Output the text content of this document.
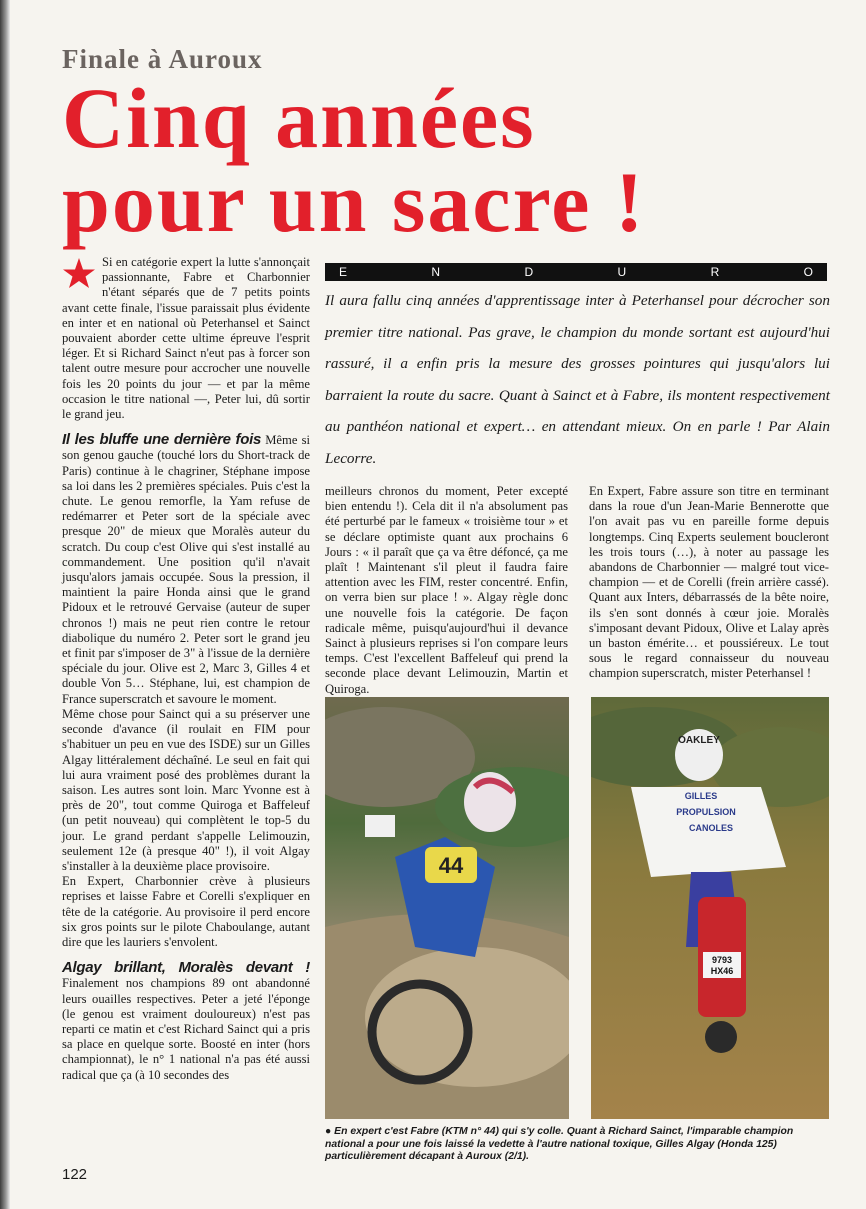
Finale à Auroux
Cinq années
pour un sacre !

Si en catégorie expert la lutte s'annonçait passionnante, Fabre et Charbonnier n'étant séparés que de 7 petits points avant cette finale, l'issue paraissait plus évidente en inter et en national où Peterhansel et Sainct pouvaient aborder cette ultime épreuve l'esprit léger. Et si Richard Sainct n'eut pas à forcer son talent outre mesure pour accrocher une nouvelle fois les 20 points du jour — et par la même occasion le titre national —, Peter lui, dû sortir le grand jeu.

Il les bluffe une dernière fois Même si son genou gauche (touché lors du Short-track de Paris) continue à le chagriner, Stéphane impose sa loi dans les 2 premières spéciales. Puis c'est la chute. Le genou remorfle, la Yam refuse de redémarrer et Peter sort de la spéciale avec presque 20" de mieux que Moralès auteur du scratch. Du coup c'est Olive qui s'est installé au commandement. Une position qu'il n'avait jusqu'alors jamais occupée. Sous la pression, il maintient la paire Honda ainsi que le grand Pidoux et le retrouvé Gervaise (auteur de super chronos !) mais ne peut rien contre le retour diabolique du numéro 2. Peter sort le grand jeu et finit par s'imposer de 3" à l'issue de la dernière spéciale du jour. Olive est 2, Marc 3, Gilles 4 et double Von 5… Stéphane, lui, est champion de France superscratch et savoure le moment.

Même chose pour Sainct qui a su préserver une seconde d'avance (il roulait en FIM pour s'habituer un peu en vue des ISDE) sur un Gilles Algay littéralement déchaîné. Le seul en fait qui lui aura vraiment posé des problèmes durant la saison. Les autres sont loin. Marc Yvonne est à près de 20", tout comme Quiroga et Baffeleuf (un petit nouveau) qui complètent le top-5 du jour. Le grand perdant s'appelle Lelimouzin, seulement 12e (à presque 40" !), il voit Algay s'installer à la deuxième place provisoire.

En Expert, Charbonnier crève à plusieurs reprises et laisse Fabre et Corelli s'expliquer en tête de la catégorie. Au provisoire il perd encore six gros points sur le pilote Chaboulange, autant dire que les lauriers s'envolent.

Algay brillant, Moralès devant ! Finalement nos champions 89 ont abandonné leurs ouailles respectives. Peter a jeté l'éponge (le genou est vraiment douloureux) n'est pas reparti ce matin et c'est Richard Sainct qui a pris sa place en quelque sorte. Boosté en inter (hors championnat), le n° 1 national n'a pas été aussi radical que ça (à 10 secondes des

E	N	D	U	R	O
Il aura fallu cinq années d'apprentissage inter à Peterhansel pour décrocher son premier titre national. Pas grave, le champion du monde sortant est aujourd'hui rassuré, il a enfin pris la mesure des grosses pointures qui jusqu'alors lui barraient la route du sacre. Quant à Sainct et à Fabre, ils montent respectivement au panthéon national et expert… en attendant mieux. On en parle ! Par Alain Lecorre.
meilleurs chronos du moment, Peter excepté bien entendu !). Cela dit il n'a absolument pas été perturbé par le fameux « troisième tour » et se déclare optimiste quant aux prochains 6 Jours : « il paraît que ça va être défoncé, ça me plaît ! Maintenant s'il pleut il faudra faire attention avec les FIM, rester concentré. Enfin, on verra bien sur place ! ». Algay règle donc une nouvelle fois la catégorie. De façon radicale même, puisqu'aujourd'hui il devance Sainct à plusieurs reprises si l'on compare leurs temps. C'est l'excellent Baffeleuf qui prend la seconde place devant Lelimouzin, Martin et Quiroga.
En Expert, Fabre assure son titre en terminant dans la roue d'un Jean-Marie Bennerotte que l'on avait pas vu en pareille forme depuis longtemps. Cinq Experts seulement boucleront les trois tours (…), à noter au passage les abandons de Charbonnier — malgré tout vice-champion — et de Corelli (frein arrière cassé). Quant aux Inters, débarrassés de la bête noire, ils s'en sont donnés à cœur joie. Moralès s'imposant devant Pidoux, Olive et Lalay après un baston émérite… et poussiéreux. Le tout sous le regard connaisseur du nouveau champion superscratch, mister Peterhansel !
44
OAKLEY
GILLES
PROPULSION
CANOLES
9793
HX46
● En expert c'est Fabre (KTM n° 44) qui s'y colle. Quant à Richard Sainct, l'imparable champion national a pour une fois laissé la vedette à l'autre national toxique, Gilles Algay (Honda 125) particulièrement décapant à Auroux (2/1).
122
